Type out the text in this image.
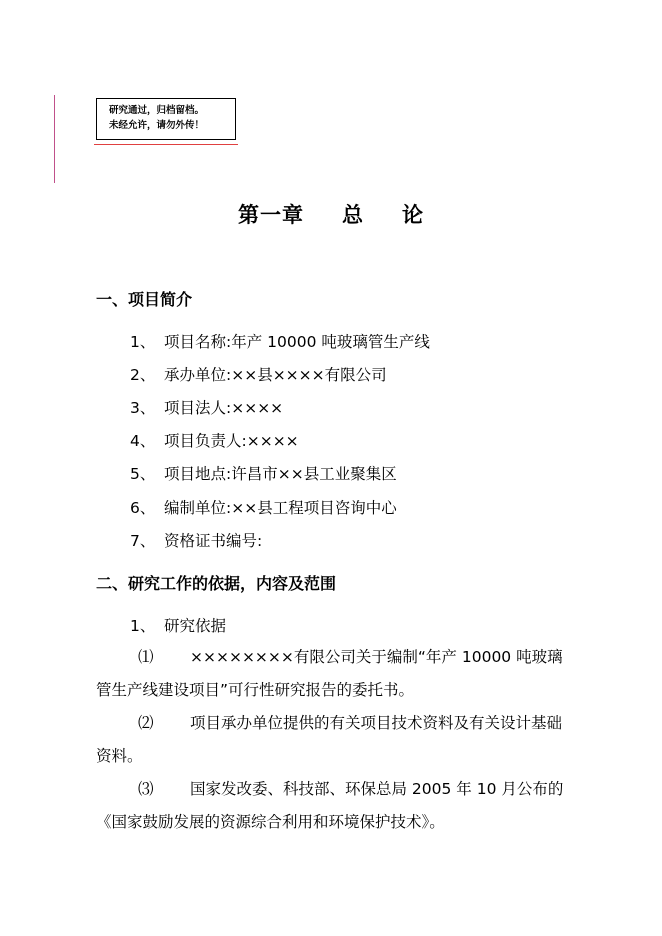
研究通过，归档留档。
未经允许，请勿外传！
第一章 总 论
一、项目简介
1、 项目名称:年产 10000 吨玻璃管生产线
2、 承办单位:××县××××有限公司
3、 项目法人:××××
4、 项目负责人:××××
5、 项目地点:许昌市××县工业聚集区
6、 编制单位:××县工程项目咨询中心
7、 资格证书编号:
二、研究工作的依据，内容及范围
1、 研究依据
⑴ ××××××××有限公司关于编制“年产 10000 吨玻璃管生产线建设项目”可行性研究报告的委托书。
⑵ 项目承办单位提供的有关项目技术资料及有关设计基础资料。
⑶ 国家发改委、科技部、环保总局 2005 年 10 月公布的《国家鼓励发展的资源综合利用和环境保护技术》。
